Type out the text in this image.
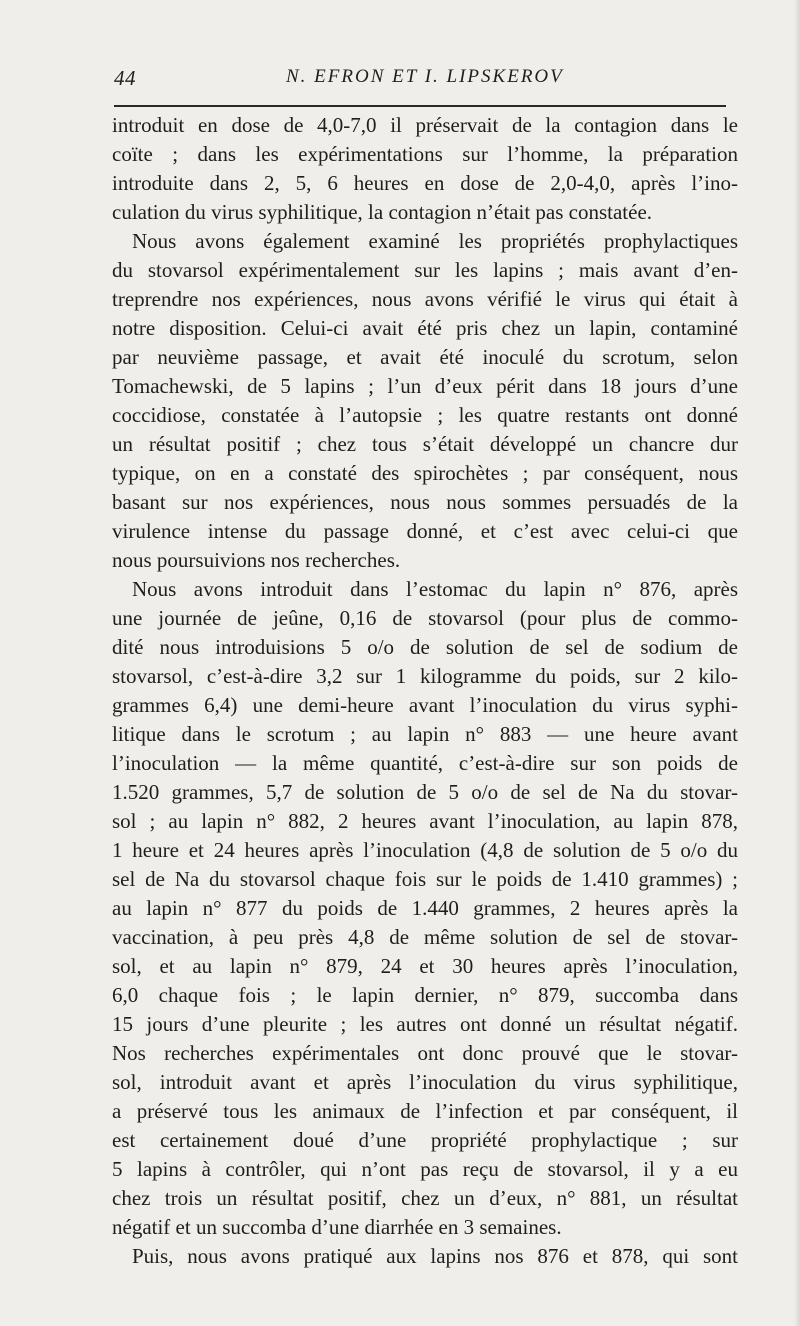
44	N. EFRON ET I. LIPSKEROV
introduit en dose de 4,0-7,0 il préservait de la contagion dans le
coïte ; dans les expérimentations sur l’homme, la préparation
introduite dans 2, 5, 6 heures en dose de 2,0-4,0, après l’ino-
culation du virus syphilitique, la contagion n’était pas constatée.
Nous avons également examiné les propriétés prophylactiques
du stovarsol expérimentalement sur les lapins ; mais avant d’en-
treprendre nos expériences, nous avons vérifié le virus qui était à
notre disposition. Celui-ci avait été pris chez un lapin, contaminé
par neuvième passage, et avait été inoculé du scrotum, selon
Tomachewski, de 5 lapins ; l’un d’eux périt dans 18 jours d’une
coccidiose, constatée à l’autopsie ; les quatre restants ont donné
un résultat positif ; chez tous s’était développé un chancre dur
typique, on en a constaté des spirochètes ; par conséquent, nous
basant sur nos expériences, nous nous sommes persuadés de la
virulence intense du passage donné, et c’est avec celui-ci que
nous poursuivions nos recherches.
Nous avons introduit dans l’estomac du lapin n° 876, après
une journée de jeûne, 0,16 de stovarsol (pour plus de commo-
dité nous introduisions 5 o/o de solution de sel de sodium de
stovarsol, c’est-à-dire 3,2 sur 1 kilogramme du poids, sur 2 kilo-
grammes 6,4) une demi-heure avant l’inoculation du virus syphi-
litique dans le scrotum ; au lapin n° 883 — une heure avant
l’inoculation — la même quantité, c’est-à-dire sur son poids de
1.520 grammes, 5,7 de solution de 5 o/o de sel de Na du stovar-
sol ; au lapin n° 882, 2 heures avant l’inoculation, au lapin 878,
1 heure et 24 heures après l’inoculation (4,8 de solution de 5 o/o du
sel de Na du stovarsol chaque fois sur le poids de 1.410 grammes) ;
au lapin n° 877 du poids de 1.440 grammes, 2 heures après la
vaccination, à peu près 4,8 de même solution de sel de stovar-
sol, et au lapin n° 879, 24 et 30 heures après l’inoculation,
6,0 chaque fois ; le lapin dernier, n° 879, succomba dans
15 jours d’une pleurite ; les autres ont donné un résultat négatif.
Nos recherches expérimentales ont donc prouvé que le stovar-
sol, introduit avant et après l’inoculation du virus syphilitique,
a préservé tous les animaux de l’infection et par conséquent, il
est certainement doué d’une propriété prophylactique ; sur
5 lapins à contrôler, qui n’ont pas reçu de stovarsol, il y a eu
chez trois un résultat positif, chez un d’eux, n° 881, un résultat
négatif et un succomba d’une diarrhée en 3 semaines.
Puis, nous avons pratiqué aux lapins nos 876 et 878, qui sont
